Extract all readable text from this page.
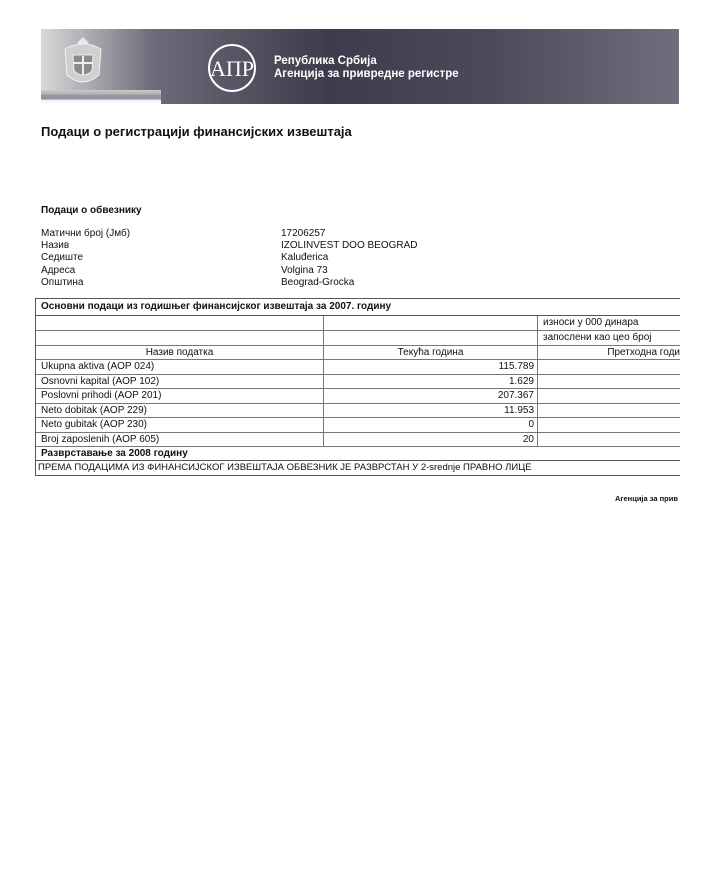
АПР Република Србија
Агенција за привредне регистре
Подаци о регистрацији финансијских извештаја
Подаци о обвезнику
Матични број (Јмб)	17206257
Назив	IZOLINVEST DOO BEOGRAD
Седиште	Kaluđerica
Адреса	Volgina 73
Општина	Beograd-Grocka
Основни подаци из годишњег финансијског извештаја за 2007. годину
износи у 000 динара
запослени као цео број
Назив податка	Текућа година	Претходна годи
Ukupna aktiva (AOP 024)	115.789
Osnovni kapital (AOP 102)	1.629
Poslovni prihodi (AOP 201)	207.367
Neto dobitak (AOP 229)	11.953
Neto gubitak (AOP 230)	0
Broj zaposlenih (AOP 605)	20
Разврставање за 2008 годину
ПРЕМА ПОДАЦИМА ИЗ ФИНАНСИЈСКОГ ИЗВЕШТАЈА ОБВЕЗНИК ЈЕ РАЗВРСТАН У 2-srednje ПРАВНО ЛИЦЕ
Агенција за прив
